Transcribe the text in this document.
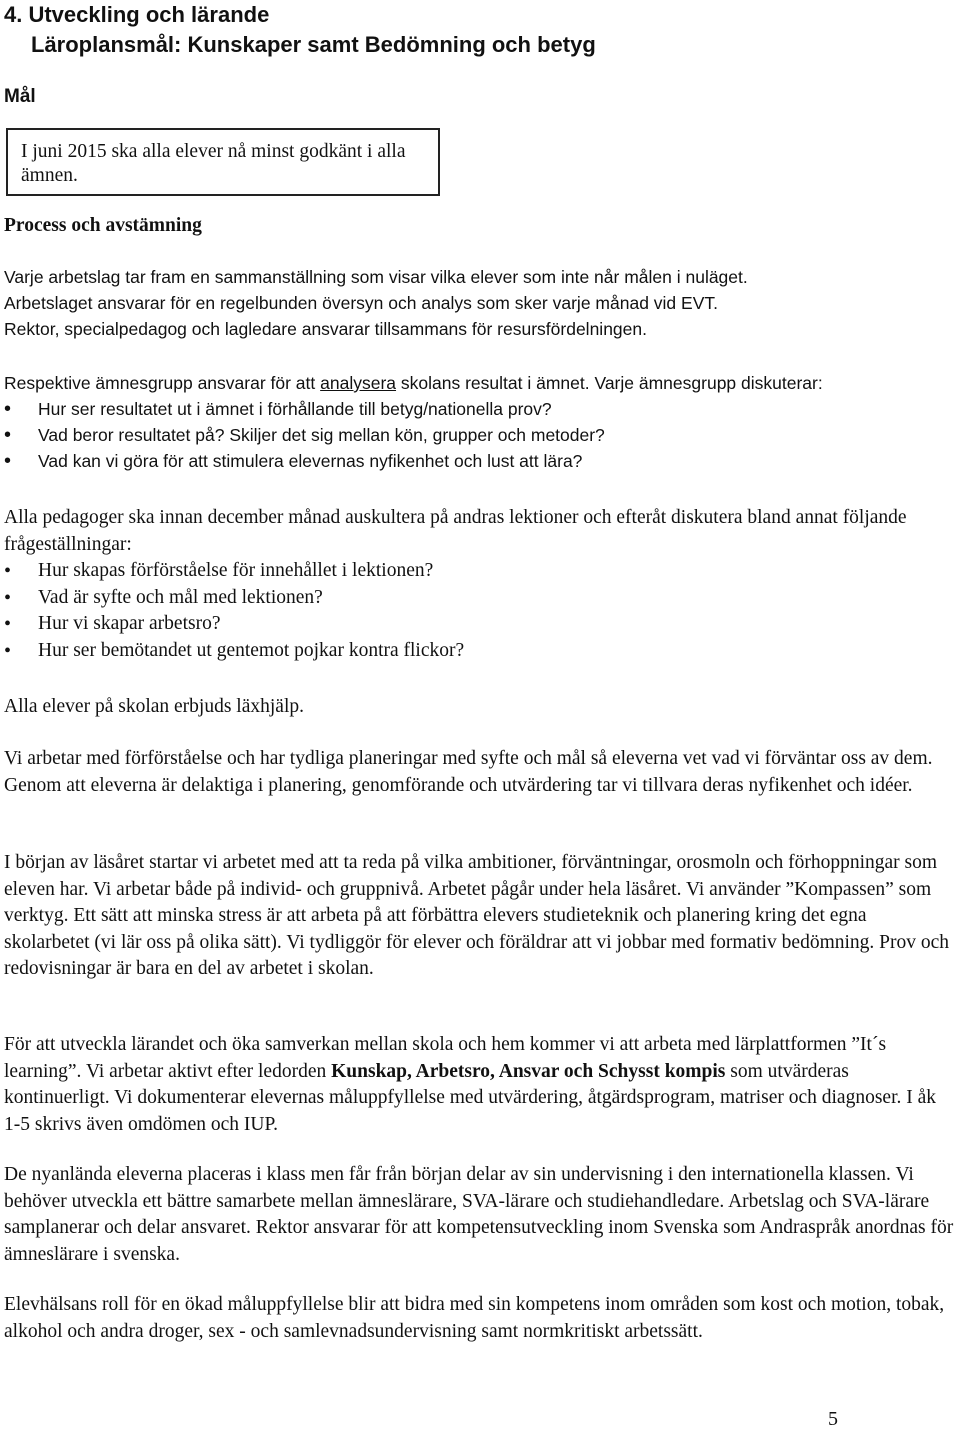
4. Utveckling och lärande
Läroplansmål: Kunskaper samt Bedömning och betyg
Mål
I juni 2015 ska alla elever nå minst godkänt i alla ämnen.
Process och avstämning

Varje arbetslag tar fram en sammanställning som visar vilka elever som inte når målen i nuläget.

Arbetslaget ansvarar för en regelbunden översyn och analys som sker varje månad vid EVT.

Rektor, specialpedagog och lagledare ansvarar tillsammans för resursfördelningen.

Respektive ämnesgrupp ansvarar för att analysera skolans resultat i ämnet. Varje ämnesgrupp diskuterar:

• Hur ser resultatet ut i ämnet i förhållande till betyg/nationella prov?
• Vad beror resultatet på? Skiljer det sig mellan kön, grupper och metoder?
• Vad kan vi göra för att stimulera elevernas nyfikenhet och lust att lära?

Alla pedagoger ska innan december månad auskultera på andras lektioner och efteråt diskutera bland annat följande frågeställningar:

• Hur skapas förförståelse för innehållet i lektionen?
• Vad är syfte och mål med lektionen?
• Hur vi skapar arbetsro?
• Hur ser bemötandet ut gentemot pojkar kontra flickor?
Alla elever på skolan erbjuds läxhjälp.
Vi arbetar med förförståelse och har tydliga planeringar med syfte och mål så eleverna vet vad vi förväntar oss av dem. Genom att eleverna är delaktiga i planering, genomförande och utvärdering tar vi tillvara deras nyfikenhet och idéer.
I början av läsåret startar vi arbetet med att ta reda på vilka ambitioner, förväntningar, orosmoln och förhoppningar som eleven har. Vi arbetar både på individ- och gruppnivå. Arbetet pågår under hela läsåret. Vi använder ”Kompassen” som verktyg. Ett sätt att minska stress är att arbeta på att förbättra elevers studieteknik och planering kring det egna skolarbetet (vi lär oss på olika sätt). Vi tydliggör för elever och föräldrar att vi jobbar med formativ bedömning. Prov och redovisningar är bara en del av arbetet i skolan.
För att utveckla lärandet och öka samverkan mellan skola och hem kommer vi att arbeta med lärplattformen ”It´s learning”. Vi arbetar aktivt efter ledorden Kunskap, Arbetsro, Ansvar och Schysst kompis som utvärderas kontinuerligt. Vi dokumenterar elevernas måluppfyllelse med utvärdering, åtgärdsprogram, matriser och diagnoser. I åk 1-5 skrivs även omdömen och IUP.
De nyanlända eleverna placeras i klass men får från början delar av sin undervisning i den internationella klassen. Vi behöver utveckla ett bättre samarbete mellan ämneslärare, SVA-lärare och studiehandledare. Arbetslag och SVA-lärare samplanerar och delar ansvaret. Rektor ansvarar för att kompetensutveckling inom Svenska som Andraspråk anordnas för ämneslärare i svenska.
Elevhälsans roll för en ökad måluppfyllelse blir att bidra med sin kompetens inom områden som kost och motion, tobak, alkohol och andra droger, sex - och samlevnadsundervisning samt normkritiskt arbetssätt.
5
